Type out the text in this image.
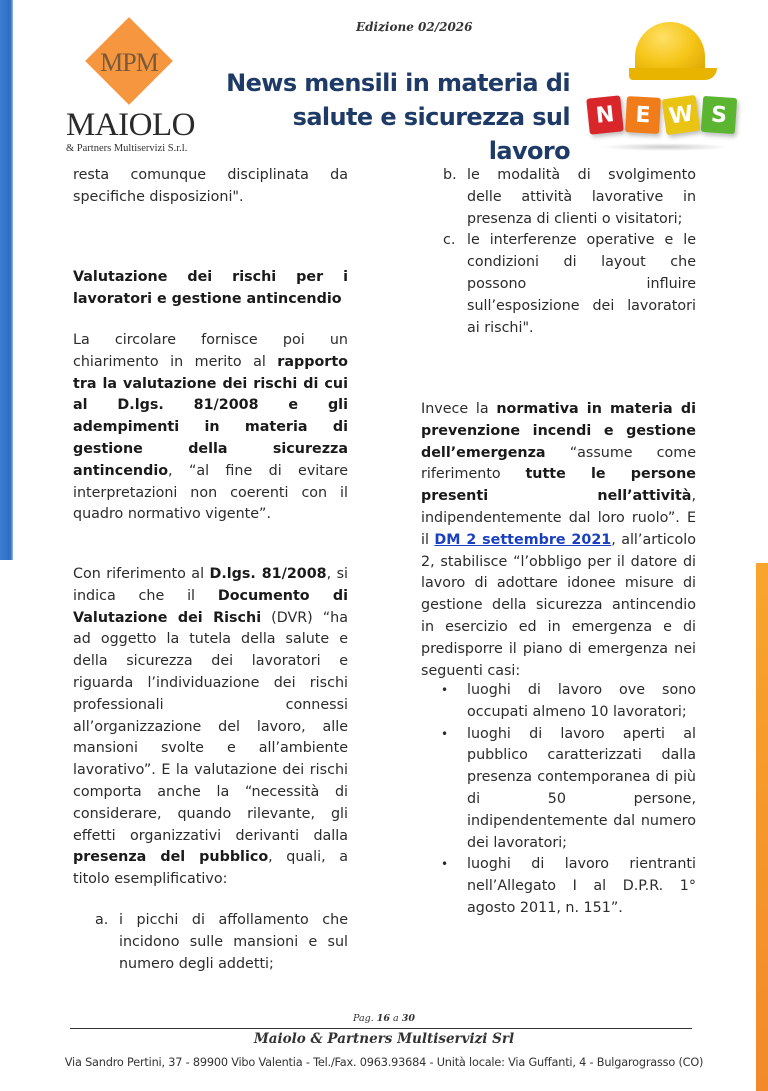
MPM
MAIOLO
& Partners Multiservizi S.r.l.
Edizione 02/2026
News mensili in materia di
salute e sicurezza sul lavoro
N E W S

resta comunque disciplinata da specifiche disposizioni".

Valutazione dei rischi per i lavoratori e gestione antincendio

La circolare fornisce poi un chiarimento in merito al rapporto tra la valutazione dei rischi di cui al D.lgs. 81/2008 e gli adempimenti in materia di gestione della sicurezza antincendio, “al fine di evitare interpretazioni non coerenti con il quadro normativo vigente”.

Con riferimento al D.lgs. 81/2008, si indica che il Documento di Valutazione dei Rischi (DVR) “ha ad oggetto la tutela della salute e della sicurezza dei lavoratori e riguarda l’individuazione dei rischi professionali connessi all’organizzazione del lavoro, alle mansioni svolte e all’ambiente lavorativo”. E la valutazione dei rischi comporta anche la “necessità di considerare, quando rilevante, gli effetti organizzativi derivanti dalla presenza del pubblico, quali, a titolo esemplificativo:

a. i picchi di affollamento che incidono sulle mansioni e sul numero degli addetti;
b. le modalità di svolgimento delle attività lavorative in presenza di clienti o visitatori;
c. le interferenze operative e le condizioni di layout che possono influire sull’esposizione dei lavoratori ai rischi".

Invece la normativa in materia di prevenzione incendi e gestione dell’emergenza “assume come riferimento tutte le persone presenti nell’attività, indipendentemente dal loro ruolo”. E il DM 2 settembre 2021, all’articolo 2, stabilisce “l’obbligo per il datore di lavoro di adottare idonee misure di gestione della sicurezza antincendio in esercizio ed in emergenza e di predisporre il piano di emergenza nei seguenti casi:

• luoghi di lavoro ove sono occupati almeno 10 lavoratori;
• luoghi di lavoro aperti al pubblico caratterizzati dalla presenza contemporanea di più di 50 persone, indipendentemente dal numero dei lavoratori;
• luoghi di lavoro rientranti nell’Allegato I al D.P.R. 1° agosto 2011, n. 151”.
Pag. 16 a 30
Maiolo & Partners Multiservizi Srl
Via Sandro Pertini, 37 - 89900 Vibo Valentia - Tel./Fax. 0963.93684 - Unità locale: Via Guffanti, 4 - Bulgarograsso (CO)
